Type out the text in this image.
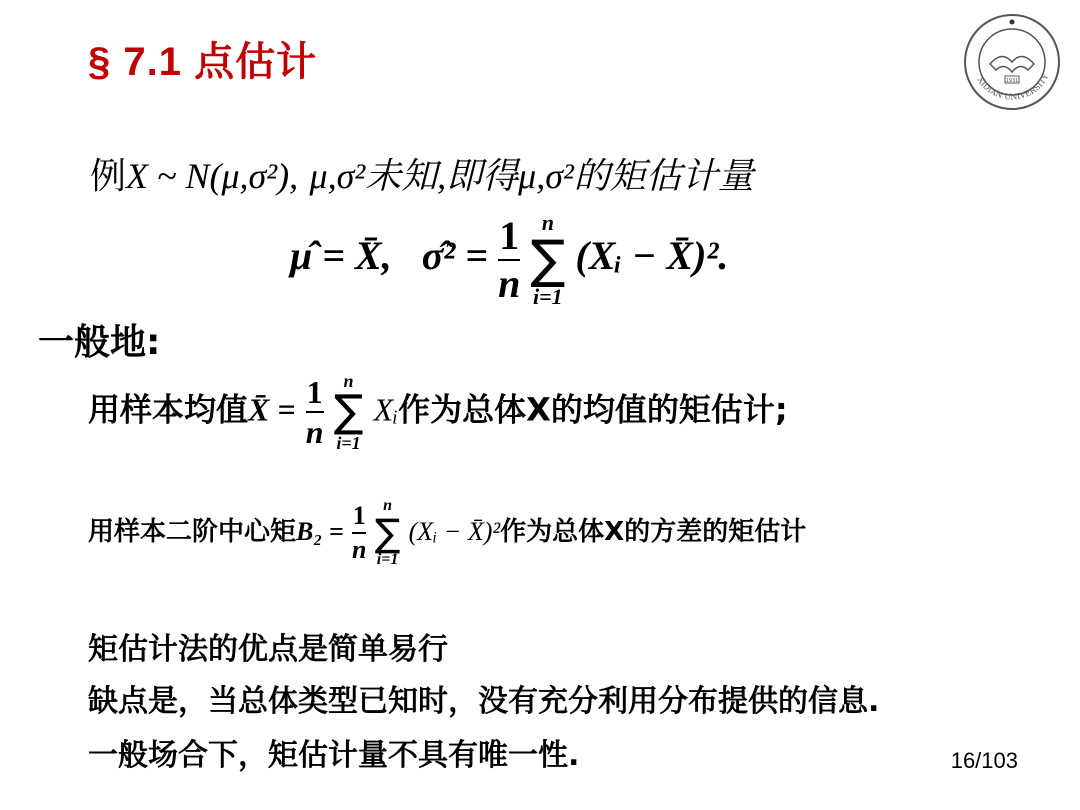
§ 7.1 点估计	1931
XIDIAN UNIVERSITY
例X ~ N(μ,σ²), μ,σ²未知,即得μ,σ²的矩估计量
μ̂ = X̄, σ̂² = $\frac{1}{n}$
n
∑
i=1
(Xᵢ − X̄)².
一般地:
用样本均值X̄ = $\frac{1}{n}$
	n
∑
i=1
Xᵢ作为总体X的均值的矩估计;
用样本二阶中心矩$B_2 = \frac{1}{n}$
	n
∑
i=1
(Xᵢ − X̄)²作为总体X的方差的矩估计
矩估计法的优点是简单易行
缺点是，当总体类型已知时，没有充分利用分布提供的信息.
一般场合下，矩估计量不具有唯一性.	16/103
